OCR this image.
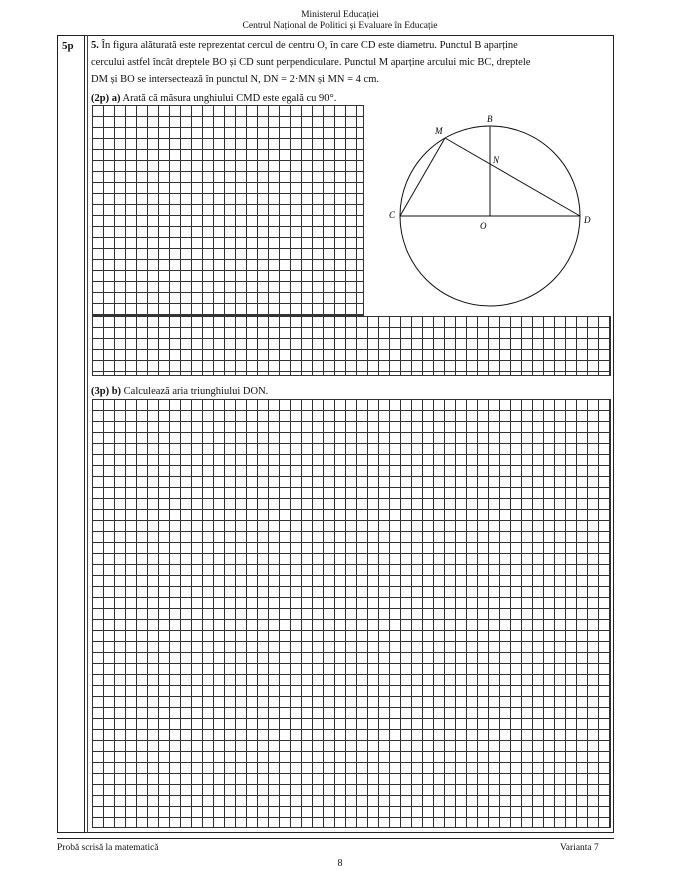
Ministerul Educației
Centrul Național de Politici și Evaluare în Educație
5p 5. În figura alăturată este reprezentat cercul de centru O, în care CD este diametru. Punctul B aparține
cercului astfel încât dreptele BO și CD sunt perpendiculare. Punctul M aparține arcului mic BC, dreptele
DM și BO se intersectează în punctul N, DN = 2·MN și MN = 4 cm.
(2p) a) Arată că măsura unghiului CMD este egală cu 90°.
M
B
N
C
O
D
(3p) b) Calculează aria triunghiului DON.
Probă scrisă la matematică	Varianta 7
8
